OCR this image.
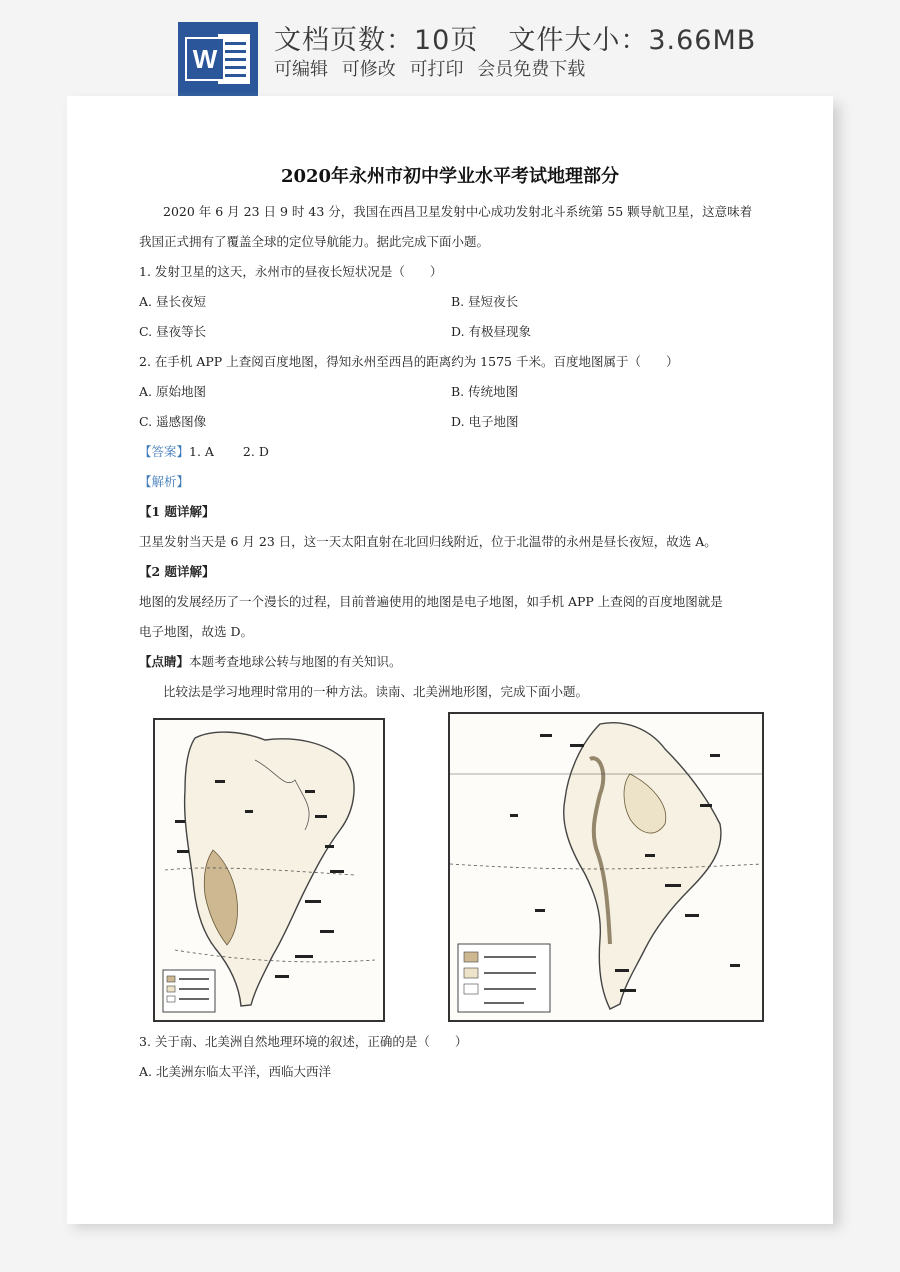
W
文档页数：10页 文件大小：3.66MB
可编辑 可修改 可打印 会员免费下载
2020年永州市初中学业水平考试地理部分
2020 年 6 月 23 日 9 时 43 分，我国在西昌卫星发射中心成功发射北斗系统第 55 颗导航卫星，这意味着
我国正式拥有了覆盖全球的定位导航能力。据此完成下面小题。
1. 发射卫星的这天，永州市的昼夜长短状况是（　　）
A. 昼长夜短	B. 昼短夜长
C. 昼夜等长	D. 有极昼现象
2. 在手机 APP 上查阅百度地图，得知永州至西昌的距离约为 1575 千米。百度地图属于（　　）
A. 原始地图	B. 传统地图
C. 遥感图像	D. 电子地图
【答案】1. A　　 2. D
【解析】
【1 题详解】
卫星发射当天是 6 月 23 日，这一天太阳直射在北回归线附近，位于北温带的永州是昼长夜短，故选 A。
【2 题详解】
地图的发展经历了一个漫长的过程，目前普遍使用的地图是电子地图，如手机 APP 上查阅的百度地图就是
电子地图，故选 D。
【点睛】本题考查地球公转与地图的有关知识。
比较法是学习地理时常用的一种方法。读南、北美洲地形图，完成下面小题。
3. 关于南、北美洲自然地理环境的叙述，正确的是（　　）
A. 北美洲东临太平洋，西临大西洋
